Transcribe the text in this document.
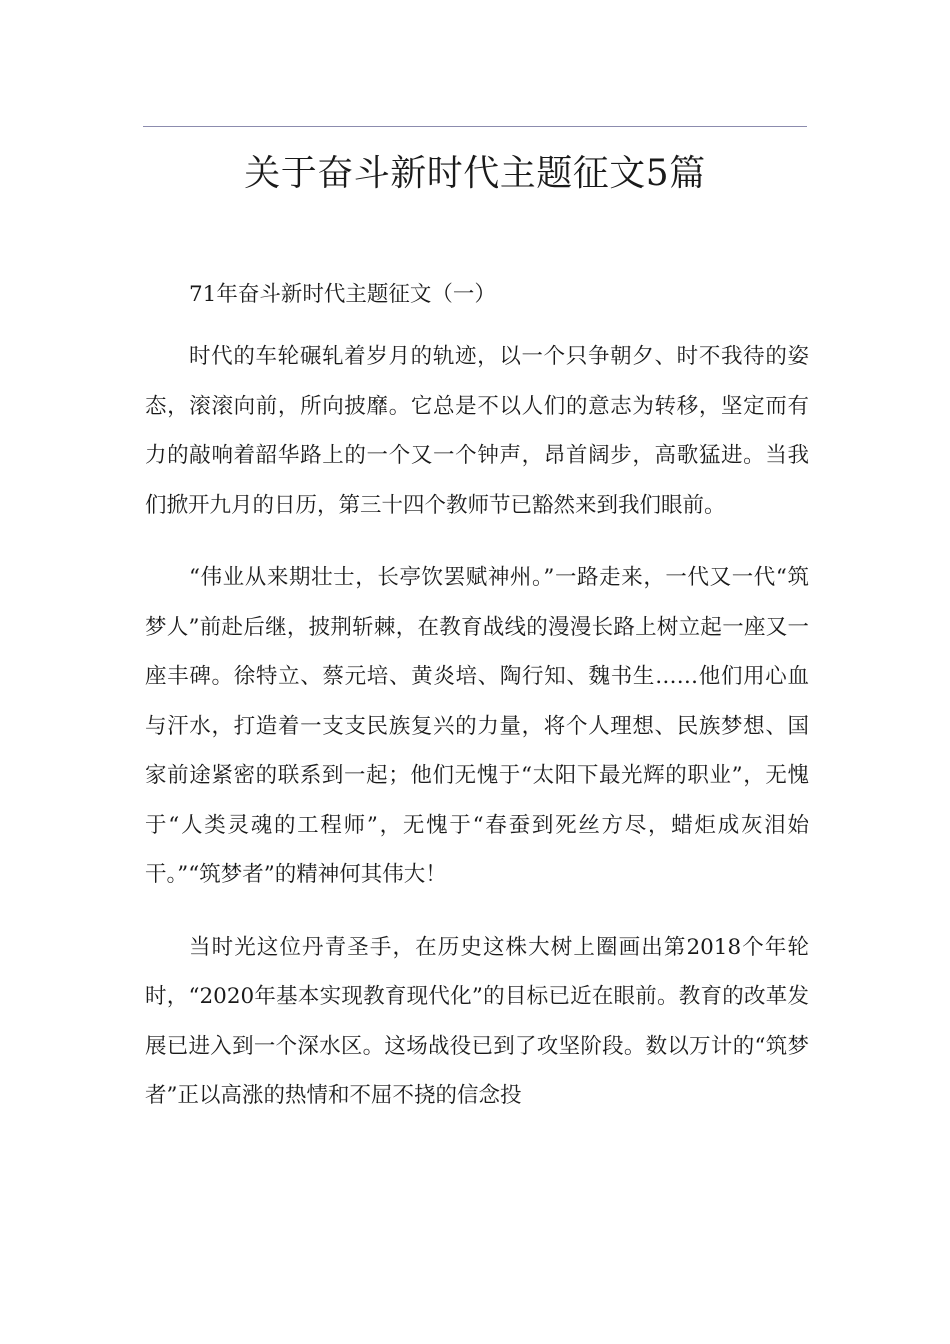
关于奋斗新时代主题征文5篇
71年奋斗新时代主题征文（一）

时代的车轮碾轧着岁月的轨迹，以一个只争朝夕、时不我待的姿态，滚滚向前，所向披靡。它总是不以人们的意志为转移，坚定而有力的敲响着韶华路上的一个又一个钟声，昂首阔步，高歌猛进。当我们掀开九月的日历，第三十四个教师节已豁然来到我们眼前。

“伟业从来期壮士，长亭饮罢赋神州。”一路走来，一代又一代“筑梦人”前赴后继，披荆斩棘，在教育战线的漫漫长路上树立起一座又一座丰碑。徐特立、蔡元培、黄炎培、陶行知、魏书生……他们用心血与汗水，打造着一支支民族复兴的力量，将个人理想、民族梦想、国家前途紧密的联系到一起；他们无愧于“太阳下最光辉的职业”，无愧于“人类灵魂的工程师”，无愧于“春蚕到死丝方尽，蜡炬成灰泪始干。”“筑梦者”的精神何其伟大！

当时光这位丹青圣手，在历史这株大树上圈画出第2018个年轮时，“2020年基本实现教育现代化”的目标已近在眼前。教育的改革发展已进入到一个深水区。这场战役已到了攻坚阶段。数以万计的“筑梦者”正以高涨的热情和不屈不挠的信念投
